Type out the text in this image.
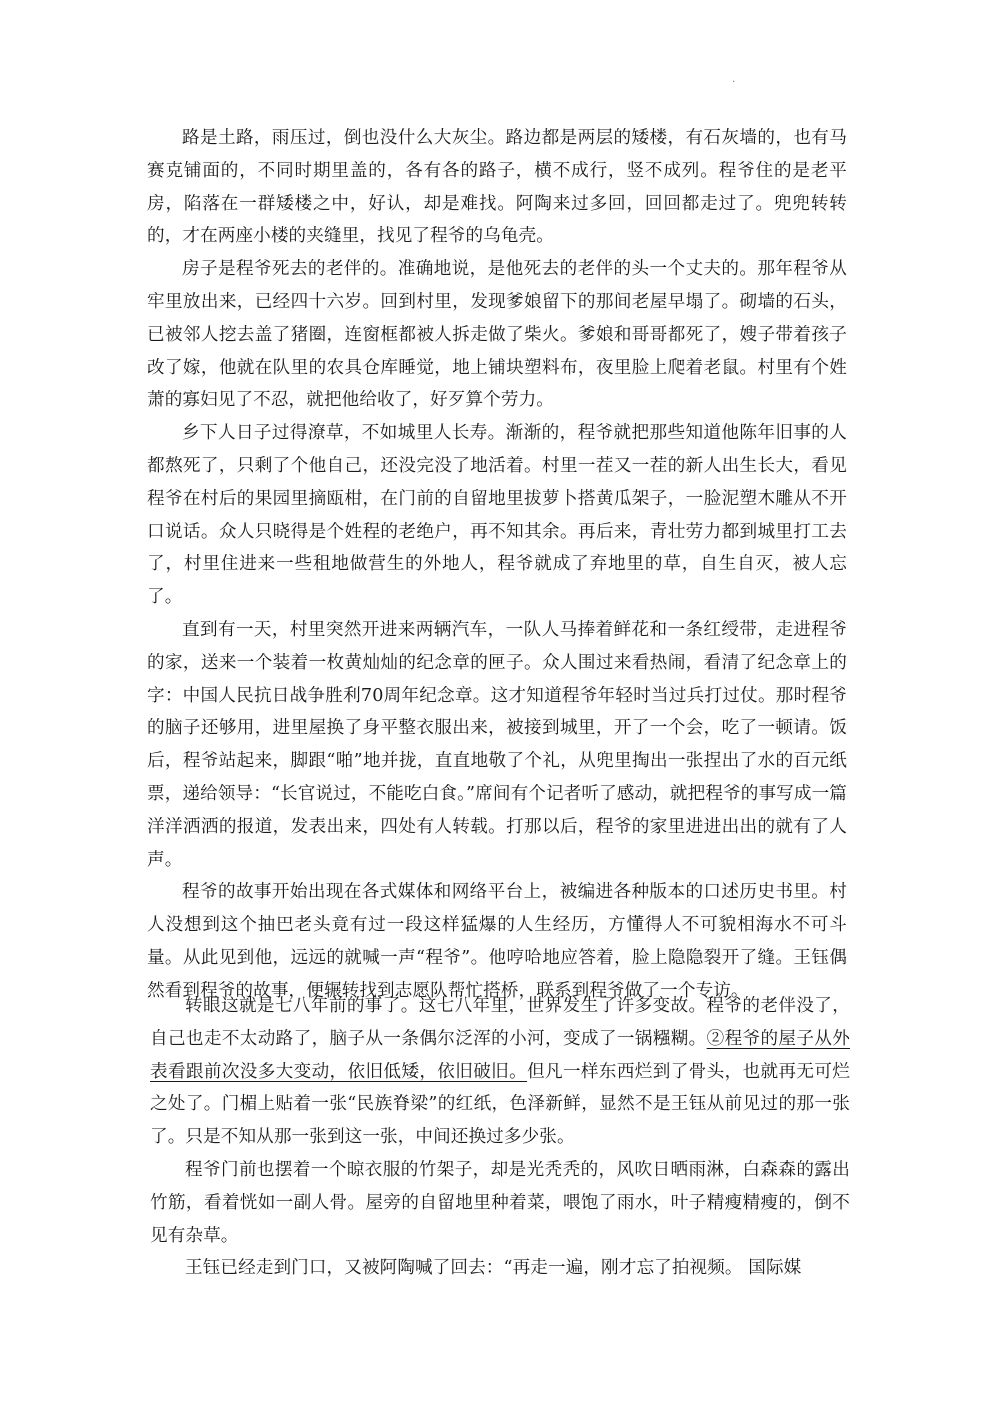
·

路是土路，雨压过，倒也没什么大灰尘。路边都是两层的矮楼，有石灰墙的，也有马赛克铺面的，不同时期里盖的，各有各的路子，横不成行，竖不成列。程爷住的是老平房，陷落在一群矮楼之中，好认，却是难找。阿陶来过多回，回回都走过了。兜兜转转的，才在两座小楼的夹缝里，找见了程爷的乌龟壳。

房子是程爷死去的老伴的。准确地说，是他死去的老伴的头一个丈夫的。那年程爷从牢里放出来，已经四十六岁。回到村里，发现爹娘留下的那间老屋早塌了。砌墙的石头，已被邻人挖去盖了猪圈，连窗框都被人拆走做了柴火。爹娘和哥哥都死了，嫂子带着孩子改了嫁，他就在队里的农具仓库睡觉，地上铺块塑料布，夜里脸上爬着老鼠。村里有个姓萧的寡妇见了不忍，就把他给收了，好歹算个劳力。

乡下人日子过得潦草，不如城里人长寿。渐渐的，程爷就把那些知道他陈年旧事的人都熬死了，只剩了个他自己，还没完没了地活着。村里一茬又一茬的新人出生长大，看见程爷在村后的果园里摘瓯柑，在门前的自留地里拔萝卜搭黄瓜架子，一脸泥塑木雕从不开口说话。众人只晓得是个姓程的老绝户，再不知其余。再后来，青壮劳力都到城里打工去了，村里住进来一些租地做营生的外地人，程爷就成了弃地里的草，自生自灭，被人忘了。

直到有一天，村里突然开进来两辆汽车，一队人马捧着鲜花和一条红绶带，走进程爷的家，送来一个装着一枚黄灿灿的纪念章的匣子。众人围过来看热闹，看清了纪念章上的字：中国人民抗日战争胜利70周年纪念章。这才知道程爷年轻时当过兵打过仗。那时程爷的脑子还够用，进里屋换了身平整衣服出来，被接到城里，开了一个会，吃了一顿请。饭后，程爷站起来，脚跟“啪”地并拢，直直地敬了个礼，从兜里掏出一张捏出了水的百元纸票，递给领导：“长官说过，不能吃白食。”席间有个记者听了感动，就把程爷的事写成一篇洋洋洒洒的报道，发表出来，四处有人转载。打那以后，程爷的家里进进出出的就有了人声。

程爷的故事开始出现在各式媒体和网络平台上，被编进各种版本的口述历史书里。村人没想到这个抽巴老头竟有过一段这样猛爆的人生经历，方懂得人不可貌相海水不可斗量。从此见到他，远远的就喊一声“程爷”。他哼哈地应答着，脸上隐隐裂开了缝。王钰偶然看到程爷的故事，便辗转找到志愿队帮忙搭桥，联系到程爷做了一个专访。

转眼这就是七八年前的事了。这七八年里，世界发生了许多变故。程爷的老伴没了，自己也走不太动路了，脑子从一条偶尔泛浑的小河，变成了一锅糨糊。②程爷的屋子从外表看跟前次没多大变动，依旧低矮，依旧破旧。但凡一样东西烂到了骨头，也就再无可烂之处了。门楣上贴着一张“民族脊梁”的红纸，色泽新鲜，显然不是王钰从前见过的那一张了。只是不知从那一张到这一张，中间还换过多少张。

程爷门前也摆着一个晾衣服的竹架子，却是光秃秃的，风吹日晒雨淋，白森森的露出竹筋，看着恍如一副人骨。屋旁的自留地里种着菜，喂饱了雨水，叶子精瘦精瘦的，倒不见有杂草。

王钰已经走到门口，又被阿陶喊了回去：“再走一遍，刚才忘了拍视频。 国际媒
